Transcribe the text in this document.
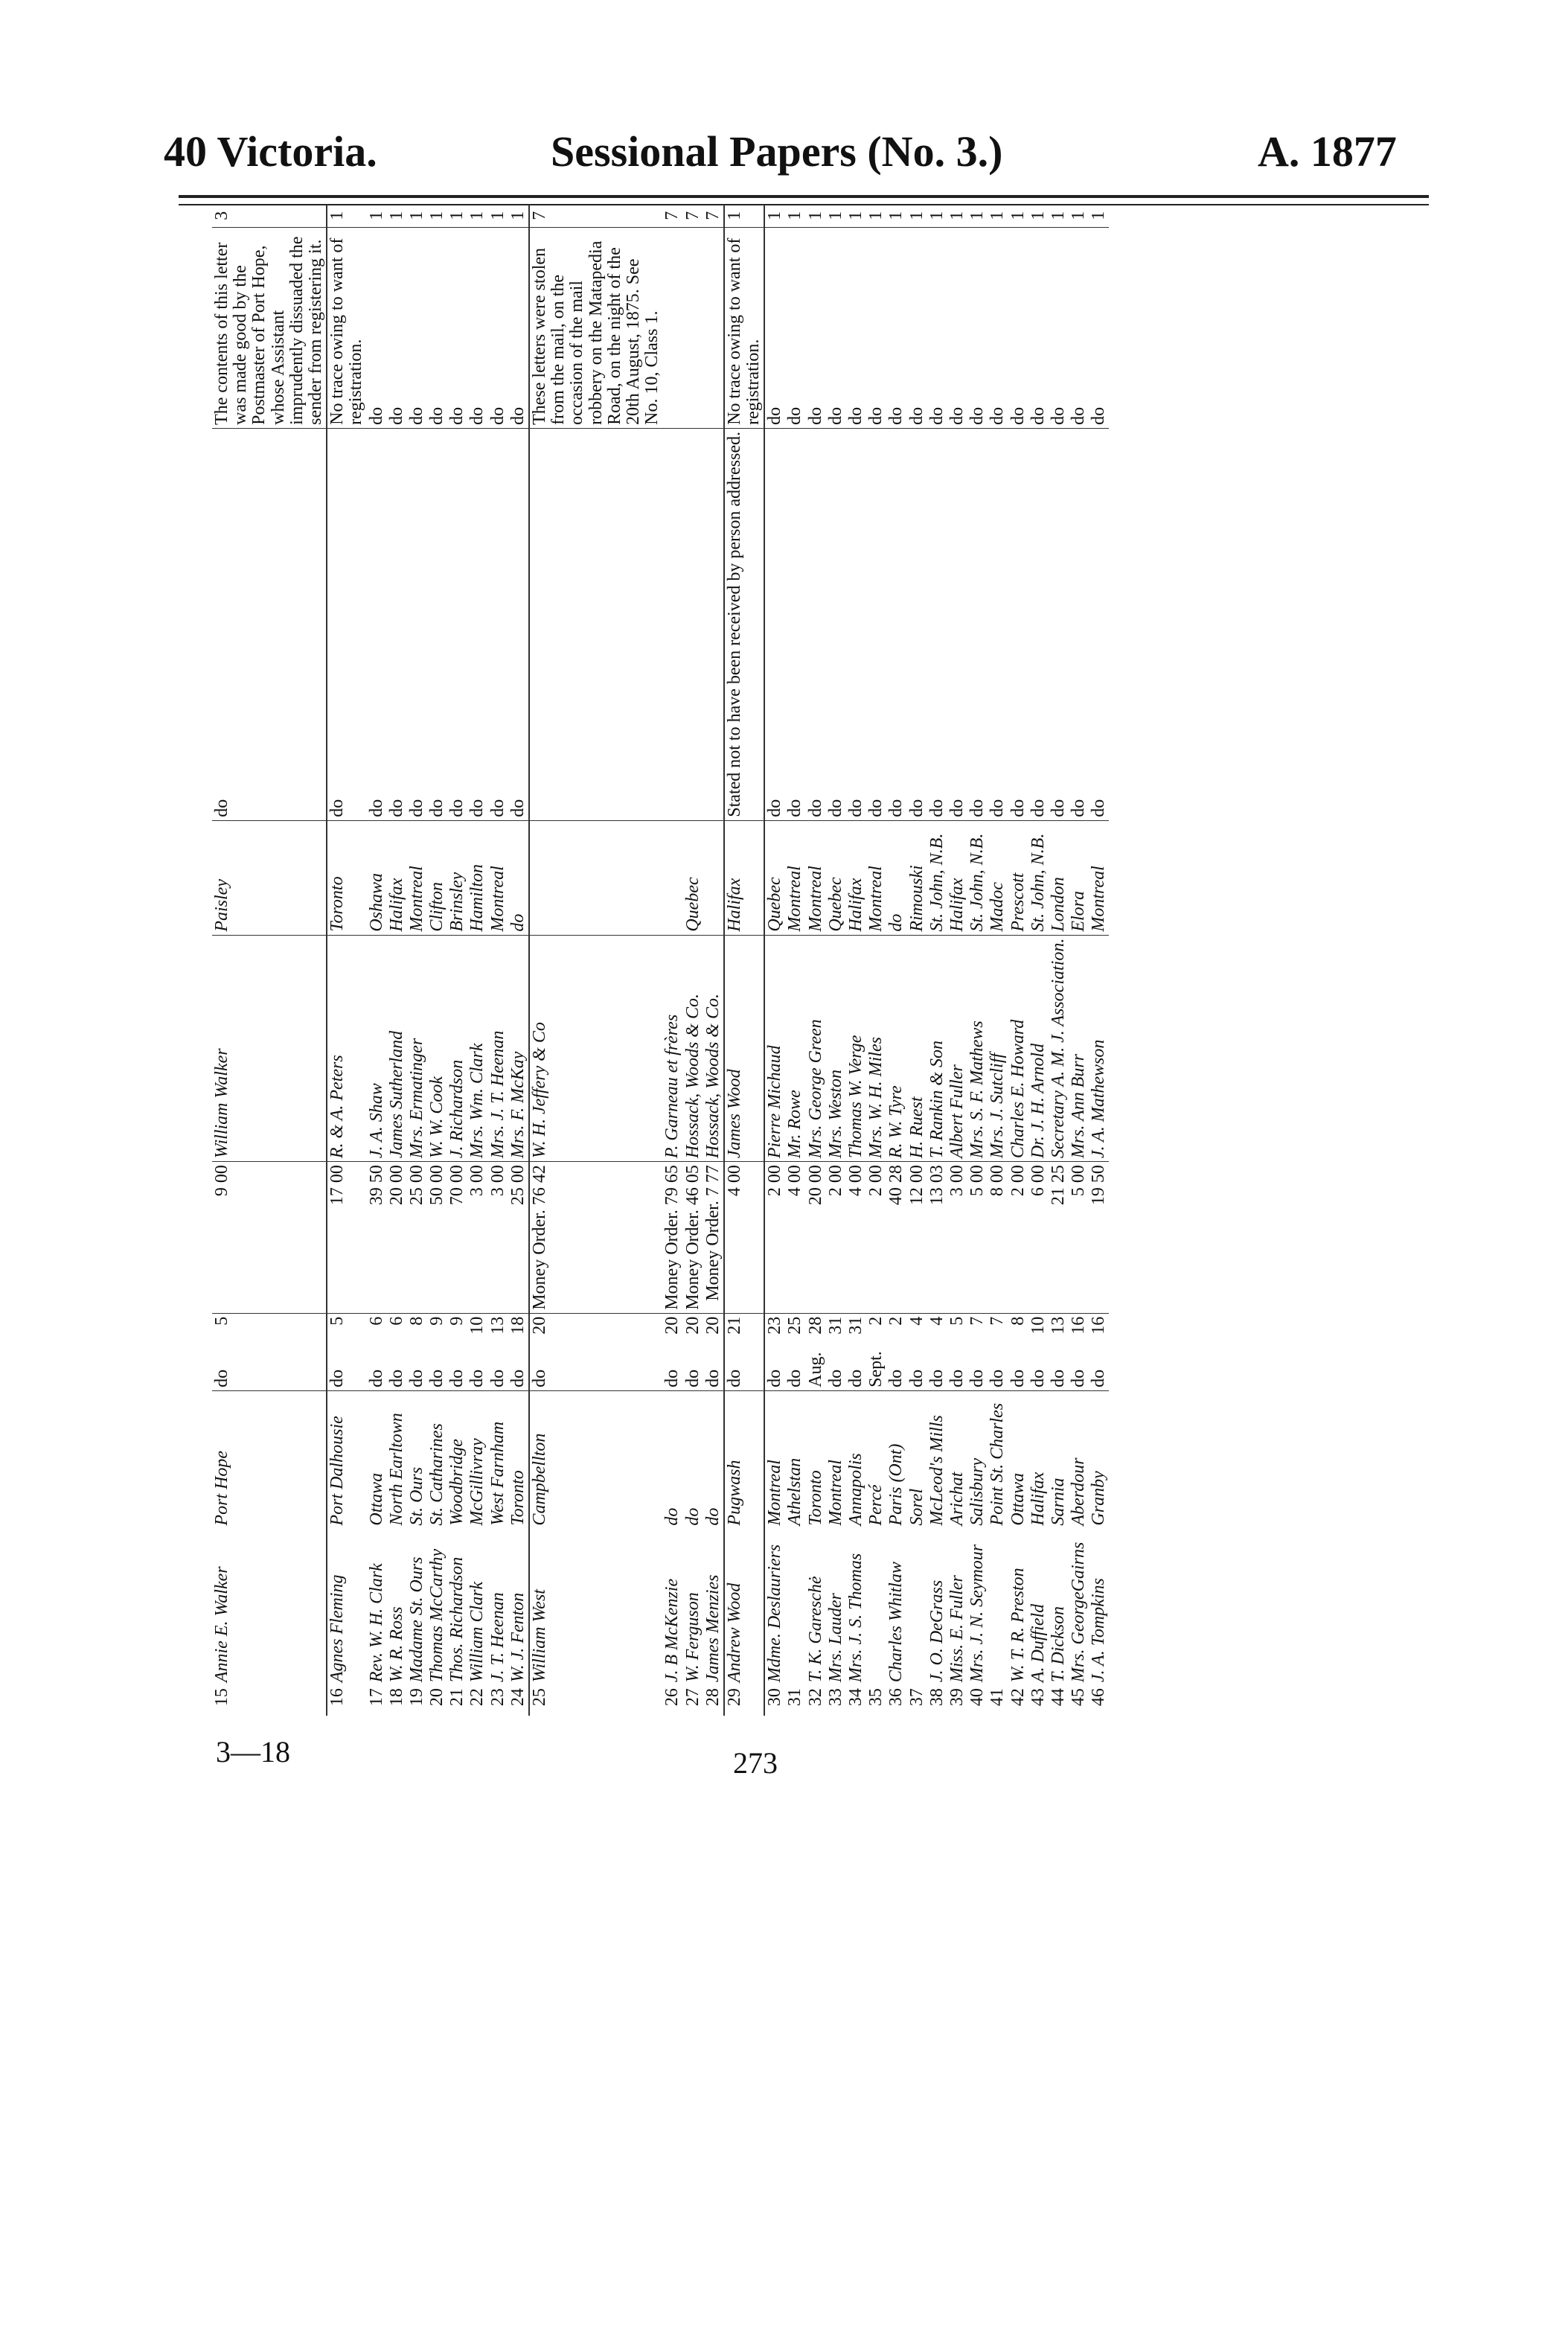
40 Victoria.	Sessional Papers (No. 3.)	A. 1877
15	Annie E. Walker	Port Hope	do	5	9 00	William Walker	Paisley	do	The contents of this letter was made good by the Postmaster of Port Hope, whose Assistant imprudently dissuaded the sender from registering it.	3
16	Agnes Fleming	Port Dalhousie	do	5	17 00	R. & A. Peters	Toronto	do	No trace owing to want of registration.	1
17	Rev. W. H. Clark	Ottawa	do	6	39 50	J. A. Shaw	Oshawa	do	do	1
18	W. R. Ross	North Earltown	do	6	20 00	James Sutherland	Halifax	do	do	1
19	Madame St. Ours	St. Ours	do	8	25 00	Mrs. Ermatinger	Montreal	do	do	1
20	Thomas McCarthy	St. Catharines	do	9	50 00	W. W. Cook	Clifton	do	do	1
21	Thos. Richardson	Woodbridge	do	9	70 00	J. Richardson	Brinsley	do	do	1
22	William Clark	McGillivray	do	10	3 00	Mrs. Wm. Clark	Hamilton	do	do	1
23	J. T. Heenan	West Farnham	do	13	3 00	Mrs. J. T. Heenan	Montreal	do	do	1
24	W. J. Fenton	Toronto	do	18	25 00	Mrs. F. McKay	do	do	do	1
25	William West	Campbellton	do	20	Money Order. 76 42	W. H. Jeffery & Co			These letters were stolen from the mail, on the occasion of the mail robbery on the Matapedia Road, on the night of the 20th August, 1875. See No. 10, Class 1.	7
26	J. B McKenzie	do	do	20	Money Order. 79 65	P. Garneau et frères				7
27	W. Ferguson	do	do	20	Money Order. 46 05	Hossack, Woods & Co.	Quebec			7
28	James Menzies	do	do	20	Money Order. 7 77	Hossack, Woods & Co.				7
29	Andrew Wood	Pugwash	do	21	4 00	James Wood	Halifax	Stated not to have been received by person addressed.	No trace owing to want of registration.	1
30	Mdme. Deslauriers	Montreal	do	23	2 00	Pierre Michaud	Quebec	do	do	1
31		Athelstan	do	25	4 00	Mr. Rowe	Montreal	do	do	1
32	T. K. Gareschė	Toronto	Aug.	28	20 00	Mrs. George Green	Montreal	do	do	1
33	Mrs. Lauder	Montreal	do	31	2 00	Mrs. Weston	Quebec	do	do	1
34	Mrs. J. S. Thomas	Annapolis	do	31	4 00	Thomas W. Verge	Halifax	do	do	1
35		Percé	Sept.	2	2 00	Mrs. W. H. Miles	Montreal	do	do	1
36	Charles Whitlaw	Paris (Ont)	do	2	40 28	R. W. Tyre	do	do	do	1
37		Sorel	do	4	12 00	H. Ruest	Rimouski	do	do	1
38	J. O. DeGrass	McLeod's Mills	do	4	13 03	T. Rankin & Son	St. John, N.B.	do	do	1
39	Miss. E. Fuller	Arichat	do	5	3 00	Albert Fuller	Halifax	do	do	1
40	Mrs. J. N. Seymour	Salisbury	do	7	5 00	Mrs. S. F. Mathews	St. John, N.B.	do	do	1
41		Point St. Charles	do	7	8 00	Mrs. J. Sutcliff	Madoc	do	do	1
42	W. T. R. Preston	Ottawa	do	8	2 00	Charles E. Howard	Prescott	do	do	1
43	A. Duffield	Halifax	do	10	6 00	Dr. J. H. Arnold	St. John, N.B.	do	do	1
44	T. Dickson	Sarnia	do	13	21 25	Secretary A. M. J. Association.	London	do	do	1
45	Mrs. GeorgeGairns	Aberdour	do	16	5 00	Mrs. Ann Burr	Elora	do	do	1
46	J. A. Tompkins	Granby	do	16	19 50	J. A. Mathewson	Montreal	do	do	1
3—18	273
